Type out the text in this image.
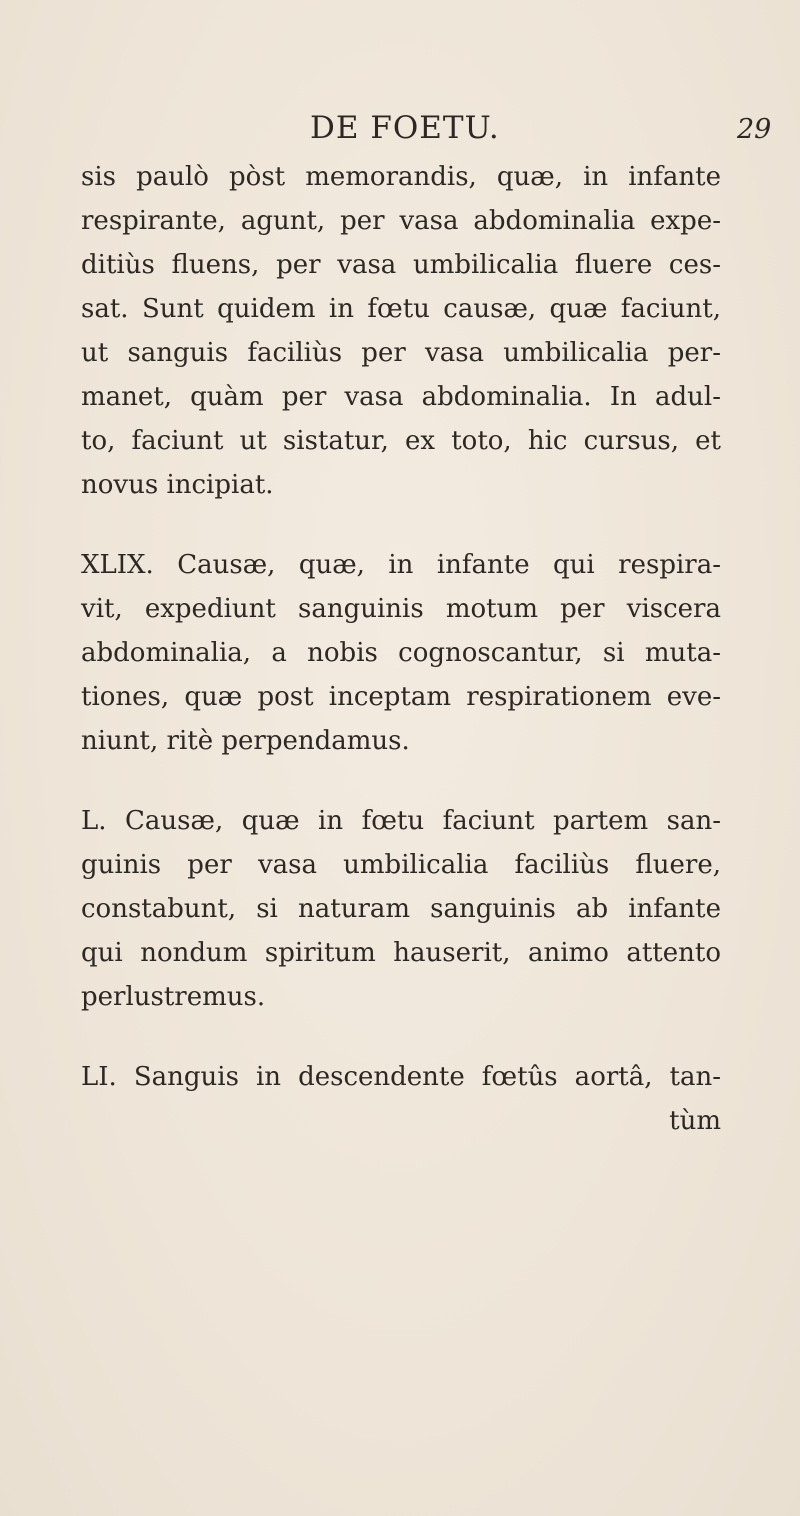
DE FOETU.	29
sis paulò pòst memorandis, quæ, in infante
respirante, agunt, per vasa abdominalia expe-
ditiùs fluens, per vasa umbilicalia fluere ces-
sat. Sunt quidem in fœtu causæ, quæ faciunt,
ut sanguis faciliùs per vasa umbilicalia per-
manet, quàm per vasa abdominalia. In adul-
to, faciunt ut sistatur, ex toto, hic cursus, et
novus incipiat.
XLIX. Causæ, quæ, in infante qui respira-
vit, expediunt sanguinis motum per viscera
abdominalia, a nobis cognoscantur, si muta-
tiones, quæ post inceptam respirationem eve-
niunt, ritè perpendamus.
L. Causæ, quæ in fœtu faciunt partem san-
guinis per vasa umbilicalia faciliùs fluere,
constabunt, si naturam sanguinis ab infante
qui nondum spiritum hauserit, animo attento
perlustremus.
LI. Sanguis in descendente fœtûs aortâ, tan-
tùm
